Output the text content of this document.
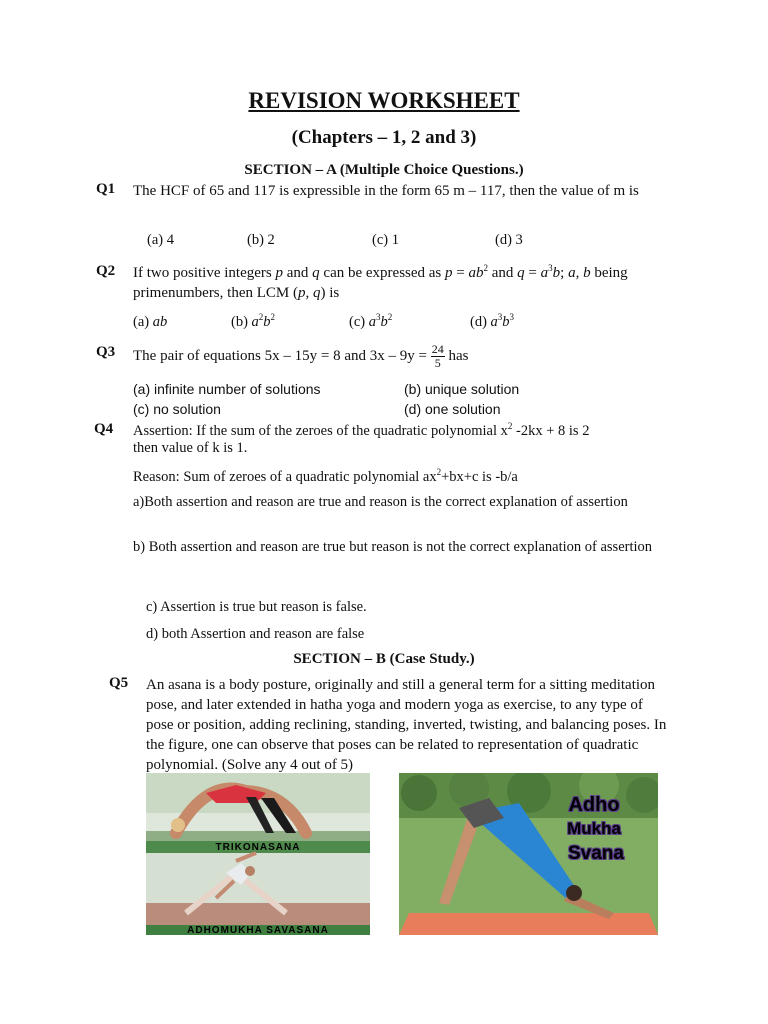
REVISION WORKSHEET
(Chapters – 1, 2 and 3)
SECTION – A (Multiple Choice Questions.)
Q1 The HCF of 65 and 117 is expressible in the form 65 m – 117, then the value of m is
(a) 4	(b) 2	(c) 1	(d) 3
Q2 If two positive integers p and q can be expressed as $p = ab^2$ and $q = a^3b$; a, b being
primenumbers, then LCM (p, q) is
(a) ab	(b) $a^2b^2$	(c) $a^3b^2$	(d) $a^3b^3$
Q3 The pair of equations 5x – 15y = 8 and $3x - 9y = \frac{24}{5}$ has
(a) infinite number of solutions	(b) unique solution
(c) no solution	(d) one solution
Q4 Assertion: If the sum of the zeroes of the quadratic polynomial $x^2$ -2kx + 8 is 2
then value of k is 1.
Reason: Sum of zeroes of a quadratic polynomial $ax^2+bx+c$ is -b/a
a)Both assertion and reason are true and reason is the correct explanation of assertion
b) Both assertion and reason are true but reason is not the correct explanation of assertion
c) Assertion is true but reason is false.
d) both Assertion and reason are false
SECTION – B (Case Study.)
Q5 An asana is a body posture, originally and still a general term for a sitting meditation pose, and later extended in hatha yoga and modern yoga as exercise, to any type of pose or position, adding reclining, standing, inverted, twisting, and balancing poses. In the figure, one can observe that poses can be related to representation of quadratic polynomial. (Solve any 4 out of 5)
TRIKONASANA
ADHOMUKHA SAVASANA
Adho
Mukha
Svana
